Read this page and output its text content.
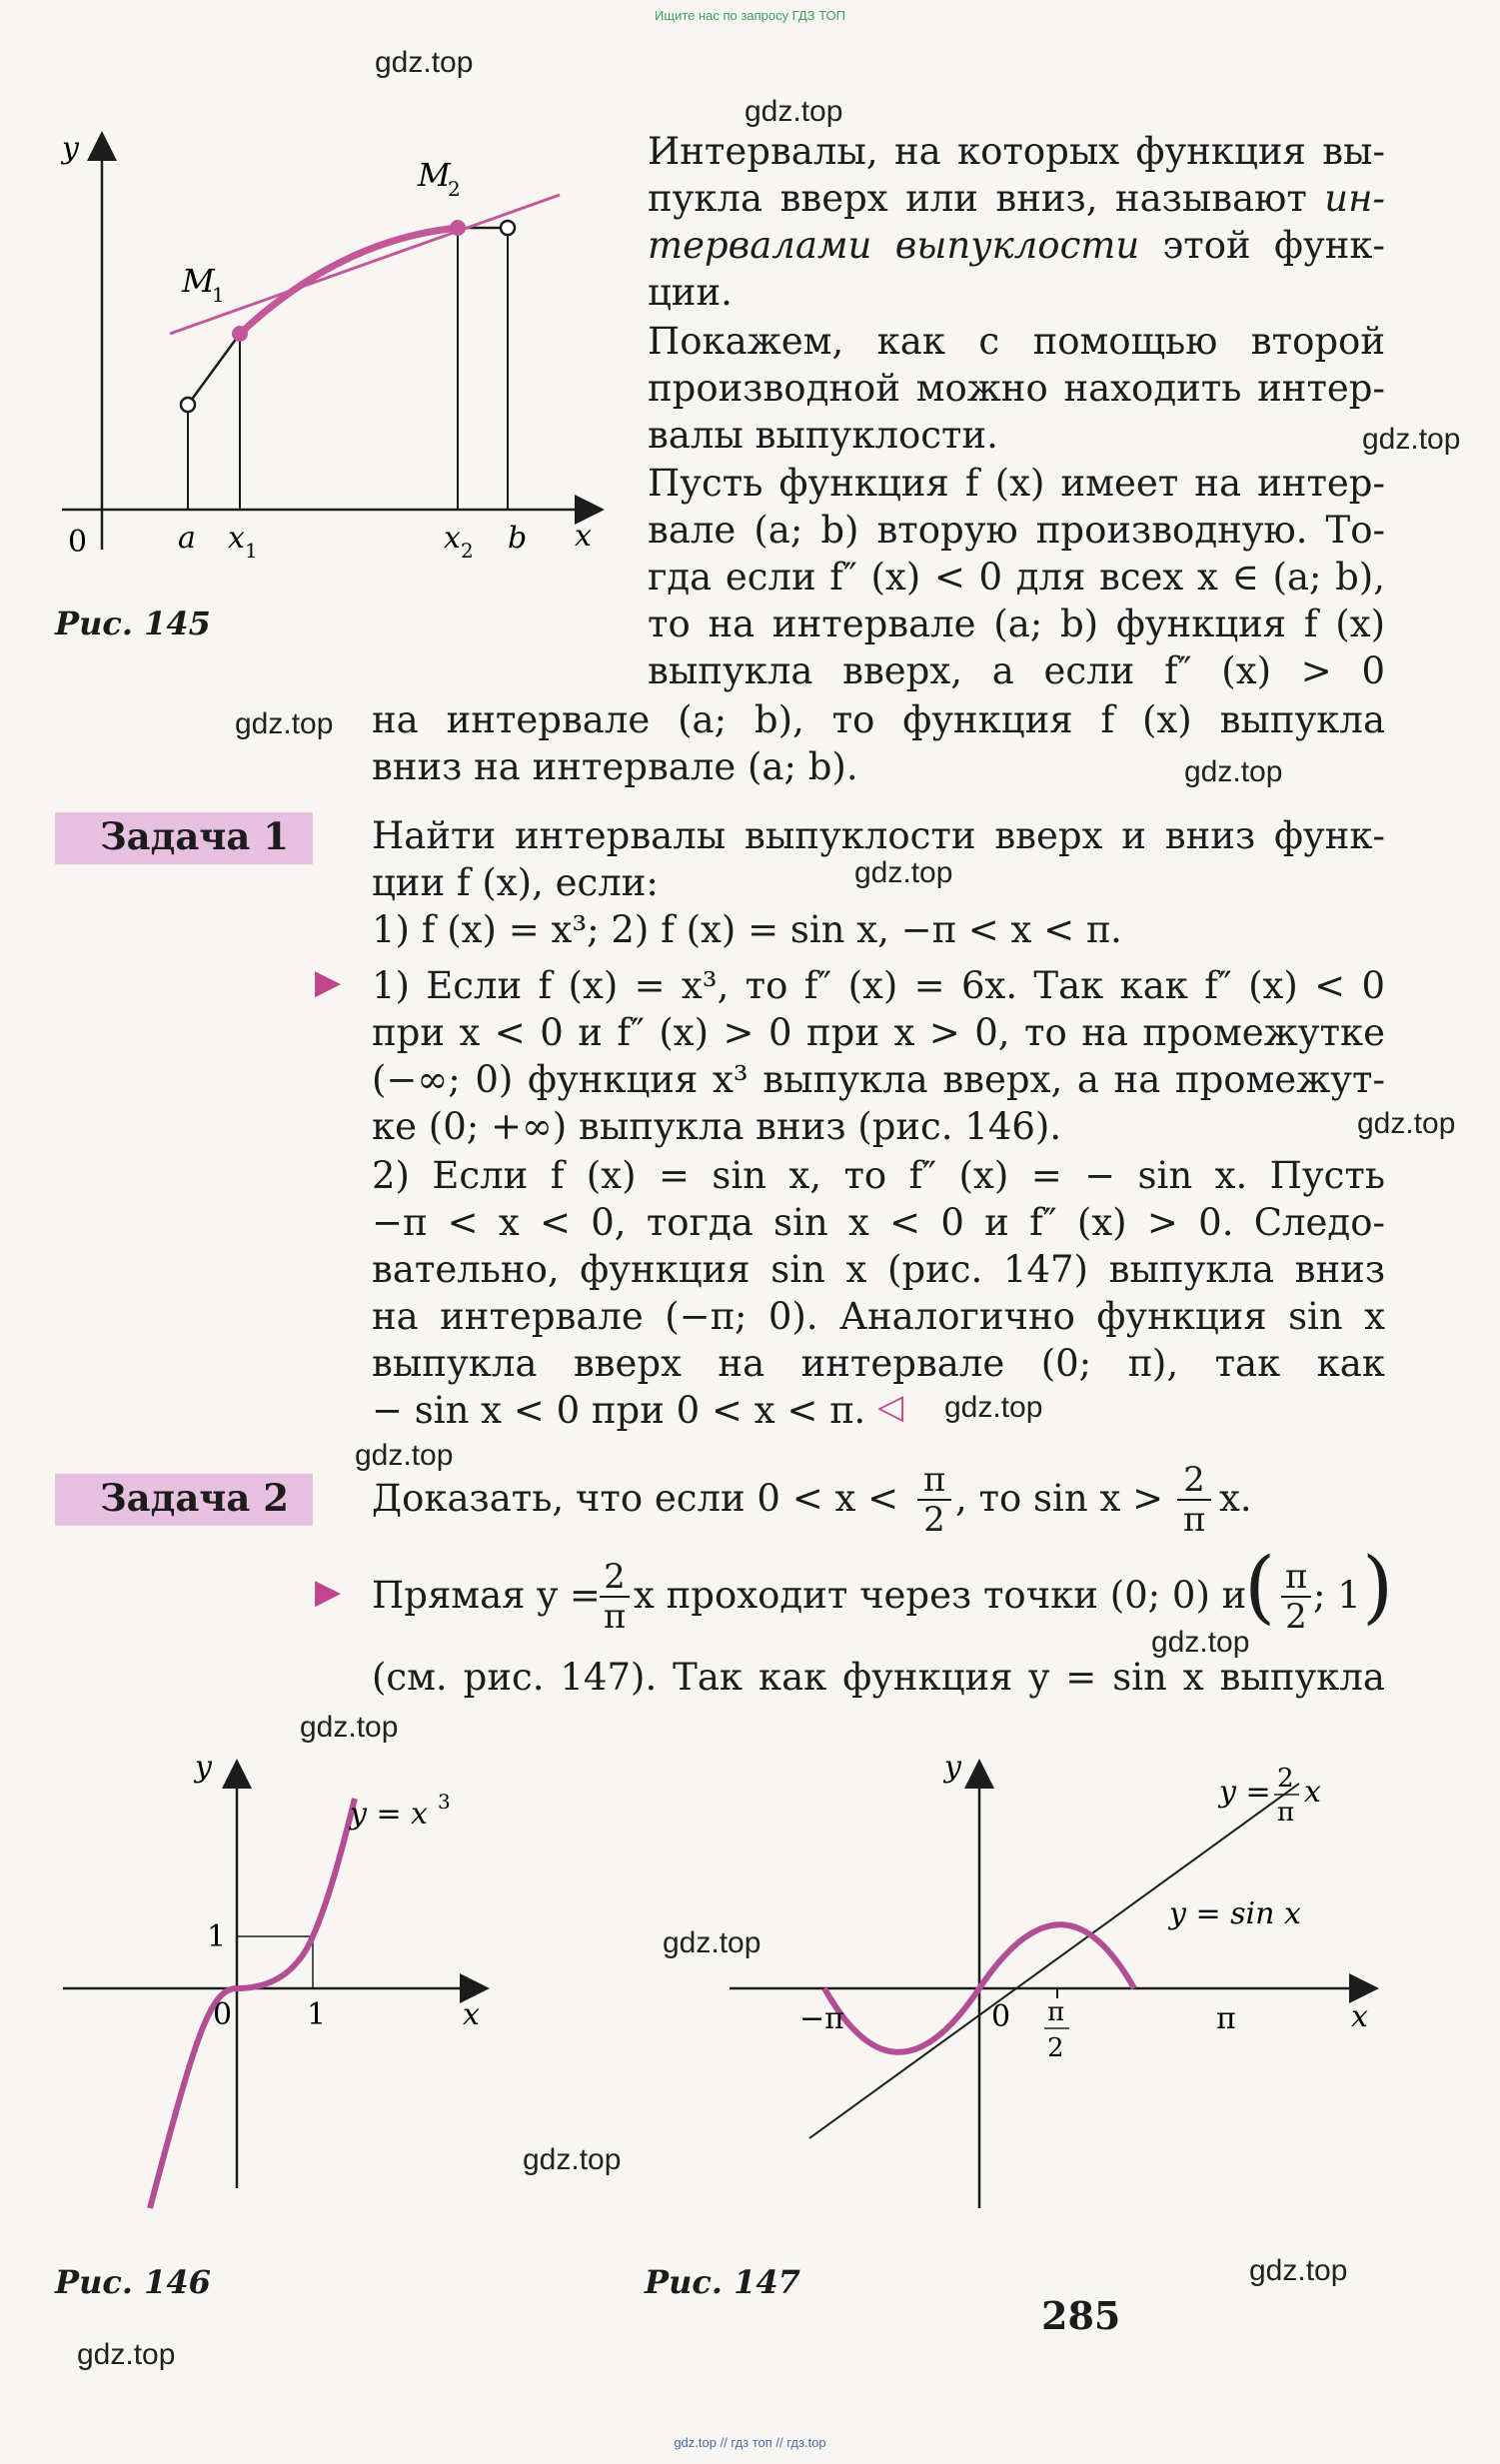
Ищите нас по запросу ГДЗ ТОП
gdz.top // гдз топ // гдз.top
gdz.top
gdz.top
gdz.top
gdz.top
gdz.top
gdz.top
gdz.top
gdz.top
gdz.top
gdz.top
gdz.top
gdz.top
gdz.top
gdz.top
gdz.top
y
x
0	a x 1	x 2 b
M
1
M
2
Рис. 145
Интервалы, на которых функция вы-
пукла вверх или вниз, называют ин-
тервалами выпуклости этой функ-
ции.
Покажем, как с помощью второй
производной можно находить интер-
валы выпуклости.
Пусть функция f (x) имеет на интер-
вале (a; b) вторую производную. То-
гда если f″ (x) < 0 для всех x ∈ (a; b),
то на интервале (a; b) функция f (x)
выпукла вверх, а если f″ (x) > 0
на интервале (a; b), то функция f (x) выпукла
вниз на интервале (a; b).
Задача 1 Найти интервалы выпуклости вверх и вниз функ-
ции f (x), если:
1) f (x) = x³; 2) f (x) = sin x, −π < x < π.
▶ 1) Если f (x) = x³, то f″ (x) = 6x. Так как f″ (x) < 0
при x < 0 и f″ (x) > 0 при x > 0, то на промежутке
(−∞; 0) функция x³ выпукла вверх, а на промежут-
ке (0; +∞) выпукла вниз (рис. 146).
2) Если f (x) = sin x, то f″ (x) = − sin x. Пусть
−π < x < 0, тогда sin x < 0 и f″ (x) > 0. Следо-
вательно, функция sin x (рис. 147) выпукла вниз
на интервале (−π; 0). Аналогично функция sin x
выпукла вверх на интервале (0; π), так как
− sin x < 0 при 0 < x < π. ◁
Задача 2 Доказать, что если 0 < x < π
2 , то sin x > 2
π x.
▶ Прямая y = 2
π x проходит через точки (0; 0) и
( π
2 ; 1 )
(см. рис. 147). Так как функция y = sin x выпукла
y
x
0 1
1
y = x 3
Рис. 146
y
x
0
−π	π
π
2
y = 2
π
x
y = sin x
Рис. 147
285
